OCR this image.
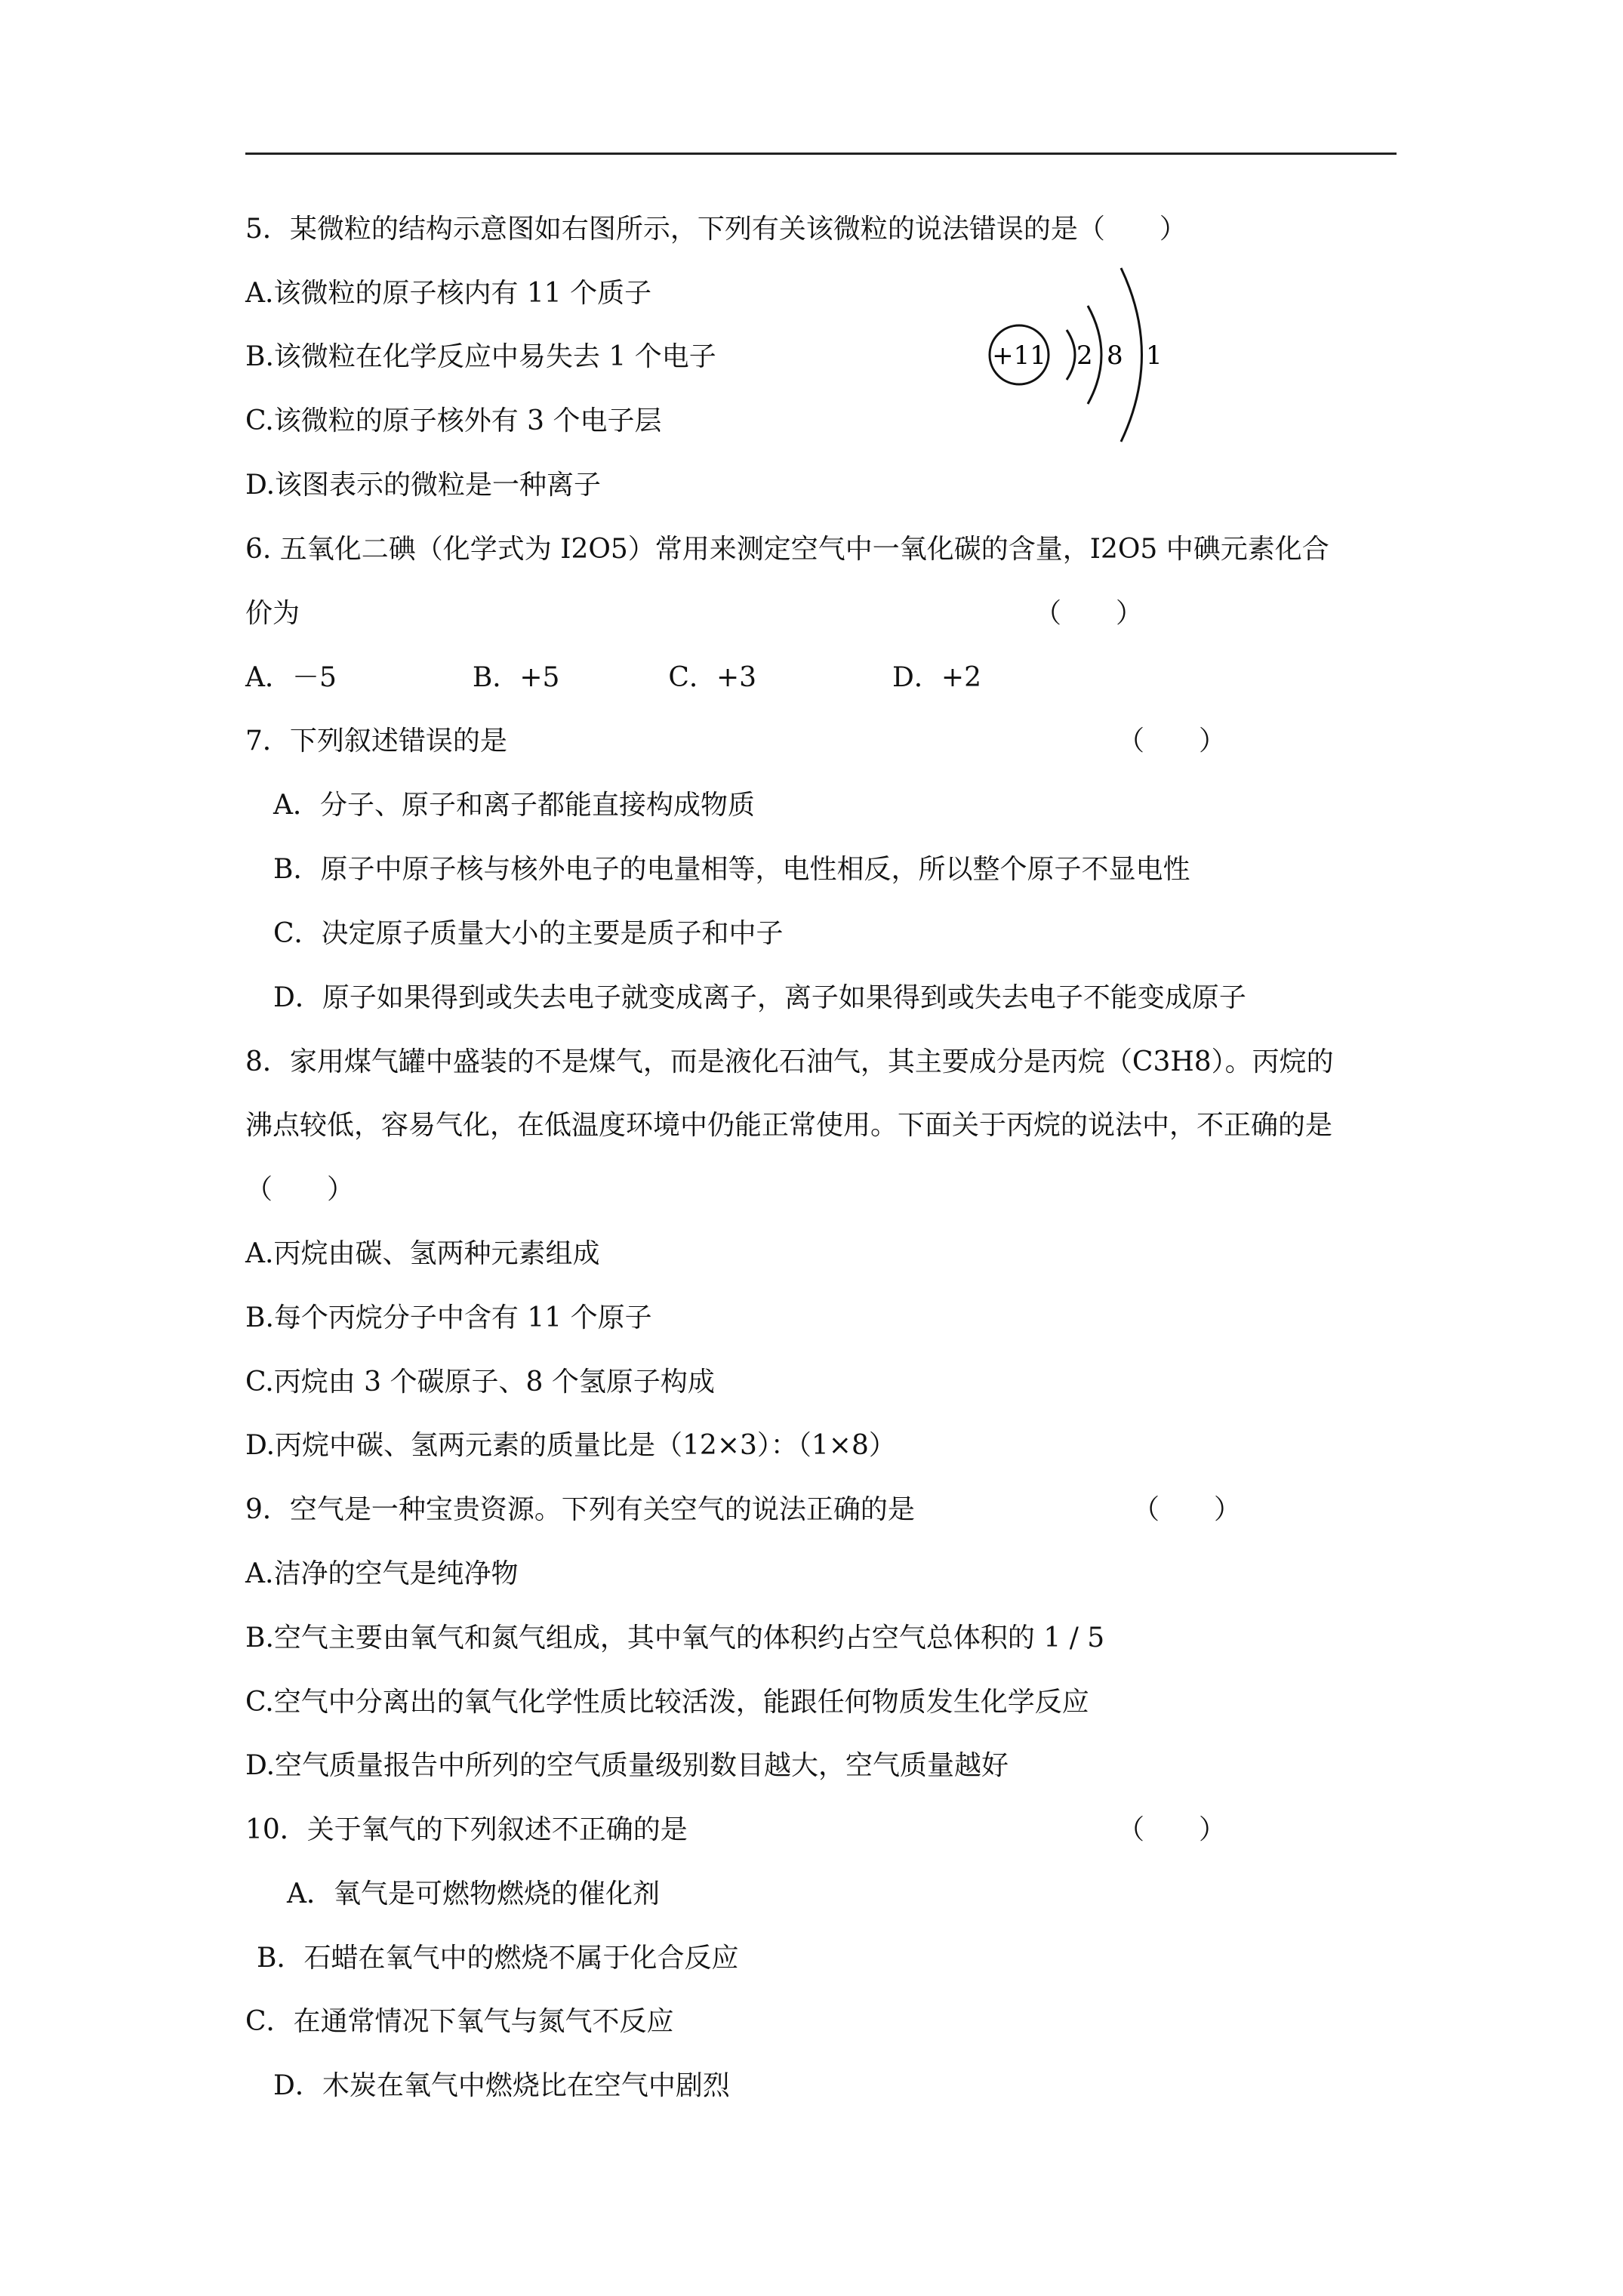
5．某微粒的结构示意图如右图所示，下列有关该微粒的说法错误的是（　　）
A.该微粒的原子核内有 11 个质子
B.该微粒在化学反应中易失去 1 个电子
C.该微粒的原子核外有 3 个电子层
D.该图表示的微粒是一种离子
+11 2 8 1
6. 五氧化二碘（化学式为 I2O5）常用来测定空气中一氧化碳的含量，I2O5 中碘元素化合
价为	（　　）
A．－5　　　　　B．+5　　　　C．+3　　　　　D．+2
7．下列叙述错误的是	（　　）
A．分子、原子和离子都能直接构成物质
B．原子中原子核与核外电子的电量相等，电性相反，所以整个原子不显电性
C．决定原子质量大小的主要是质子和中子
D．原子如果得到或失去电子就变成离子，离子如果得到或失去电子不能变成原子
8．家用煤气罐中盛装的不是煤气，而是液化石油气，其主要成分是丙烷（C3H8）。丙烷的
沸点较低，容易气化，在低温度环境中仍能正常使用。下面关于丙烷的说法中，不正确的是
（　　）
A.丙烷由碳、氢两种元素组成
B.每个丙烷分子中含有 11 个原子
C.丙烷由 3 个碳原子、8 个氢原子构成
D.丙烷中碳、氢两元素的质量比是（12×3）：（1×8）
9．空气是一种宝贵资源。下列有关空气的说法正确的是	（　　）
A.洁净的空气是纯净物
B.空气主要由氧气和氮气组成，其中氧气的体积约占空气总体积的 1 / 5
C.空气中分离出的氧气化学性质比较活泼，能跟任何物质发生化学反应
D.空气质量报告中所列的空气质量级别数目越大，空气质量越好
10．关于氧气的下列叙述不正确的是	（　　）
A．氧气是可燃物燃烧的催化剂
B．石蜡在氧气中的燃烧不属于化合反应
C．在通常情况下氧气与氮气不反应
D．木炭在氧气中燃烧比在空气中剧烈
